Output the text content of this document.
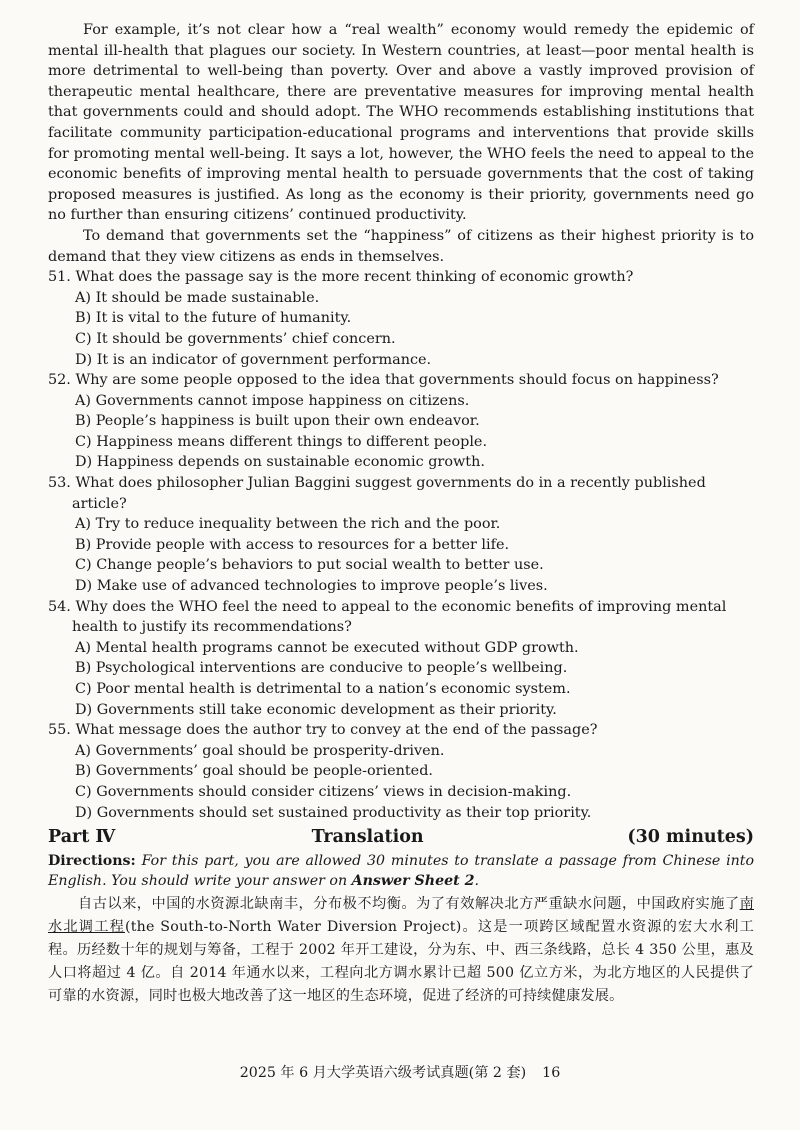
For example, it’s not clear how a “real wealth” economy would remedy the epidemic of mental ill-health that plagues our society. In Western countries, at least—poor mental health is more detrimental to well-being than poverty. Over and above a vastly improved provision of therapeutic mental healthcare, there are preventative measures for improving mental health that governments could and should adopt. The WHO recommends establishing institutions that facilitate community participation-educational programs and interventions that provide skills for promoting mental well-being. It says a lot, however, the WHO feels the need to appeal to the economic benefits of improving mental health to persuade governments that the cost of taking proposed measures is justified. As long as the economy is their priority, governments need go no further than ensuring citizens’ continued productivity.

To demand that governments set the “happiness” of citizens as their highest priority is to demand that they view citizens as ends in themselves.

51. What does the passage say is the more recent thinking of economic growth?
A) It should be made sustainable.
B) It is vital to the future of humanity.
C) It should be governments’ chief concern.
D) It is an indicator of government performance.
52. Why are some people opposed to the idea that governments should focus on happiness?
A) Governments cannot impose happiness on citizens.
B) People’s happiness is built upon their own endeavor.
C) Happiness means different things to different people.
D) Happiness depends on sustainable economic growth.
53. What does philosopher Julian Baggini suggest governments do in a recently published article?
A) Try to reduce inequality between the rich and the poor.
B) Provide people with access to resources for a better life.
C) Change people’s behaviors to put social wealth to better use.
D) Make use of advanced technologies to improve people’s lives.
54. Why does the WHO feel the need to appeal to the economic benefits of improving mental health to justify its recommendations?
A) Mental health programs cannot be executed without GDP growth.
B) Psychological interventions are conducive to people’s wellbeing.
C) Poor mental health is detrimental to a nation’s economic system.
D) Governments still take economic development as their priority.
55. What message does the author try to convey at the end of the passage?
A) Governments’ goal should be prosperity-driven.
B) Governments’ goal should be people-oriented.
C) Governments should consider citizens’ views in decision-making.
D) Governments should set sustained productivity as their top priority.
Part Ⅳ	Translation	(30 minutes)
Directions: For this part, you are allowed 30 minutes to translate a passage from Chinese into English. You should write your answer on Answer Sheet 2.

自古以来，中国的水资源北缺南丰，分布极不均衡。为了有效解决北方严重缺水问题，中国政府实施了南水北调工程(the South-to-North Water Diversion Project)。这是一项跨区域配置水资源的宏大水利工程。历经数十年的规划与筹备，工程于 2002 年开工建设，分为东、中、西三条线路，总长 4 350 公里，惠及人口将超过 4 亿。自 2014 年通水以来，工程向北方调水累计已超 500 亿立方米，为北方地区的人民提供了可靠的水资源，同时也极大地改善了这一地区的生态环境，促进了经济的可持续健康发展。

2025 年 6 月大学英语六级考试真题(第 2 套) 16
